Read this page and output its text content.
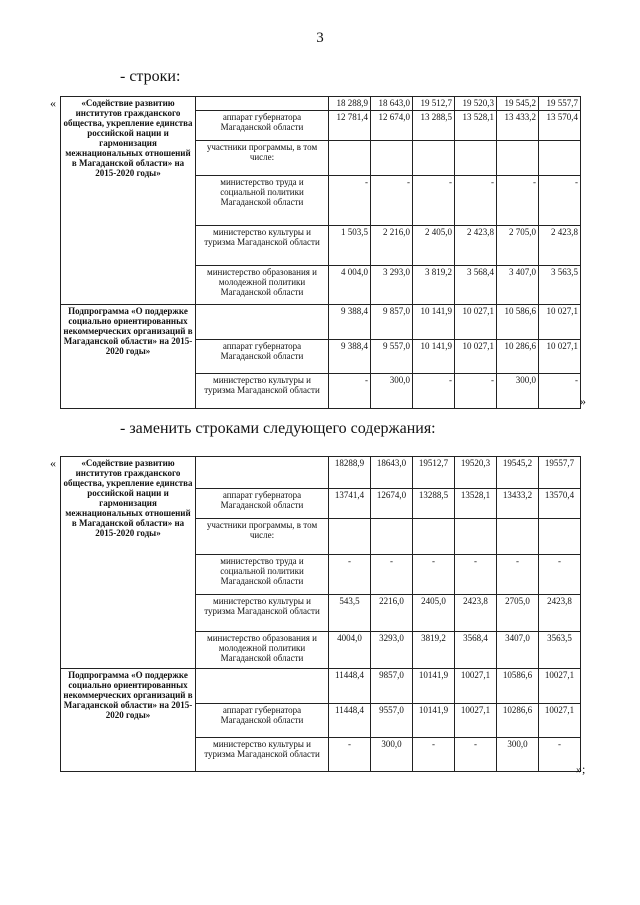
3
- строки:
«	«Содействие развитию институтов гражданского общества, укрепление единства российской нации и гармонизация межнациональных отношений в Магаданской области» на 2015-2020 годы»		18 288,9	18 643,0	19 512,7	19 520,3	19 545,2	19 557,7
	аппарат губернатора Магаданской области	12 781,4	12 674,0	13 288,5	13 528,1	13 433,2	13 570,4
	участники программы, в том числе:						
	министерство труда и социальной политики Магаданской области	-	-	-	-	-	-
	министерство культуры и туризма Магаданской области	1 503,5	2 216,0	2 405,0	2 423,8	2 705,0	2 423,8
	министерство образования и молодежной политики Магаданской области	4 004,0	3 293,0	3 819,2	3 568,4	3 407,0	3 563,5
Подпрограмма «О поддержке социально ориентированных некоммерческих организаций в Магаданской области» на 2015-2020 годы»		9 388,4	9 857,0	10 141,9	10 027,1	10 586,6	10 027,1
	аппарат губернатора Магаданской области	9 388,4	9 557,0	10 141,9	10 027,1	10 286,6	10 027,1
	министерство культуры и туризма Магаданской области	-	300,0	-	-	300,0	-
»
- заменить строками следующего содержания:
«	«Содействие развитию институтов гражданского общества, укрепление единства российской нации и гармонизация межнациональных отношений в Магаданской области» на 2015-2020 годы»		18288,9	18643,0	19512,7	19520,3	19545,2	19557,7
	аппарат губернатора Магаданской области	13741,4	12674,0	13288,5	13528,1	13433,2	13570,4
	участники программы, в том числе:						
	министерство труда и социальной политики Магаданской области	-	-	-	-	-	-
	министерство культуры и туризма Магаданской области	543,5	2216,0	2405,0	2423,8	2705,0	2423,8
	министерство образования и молодежной политики Магаданской области	4004,0	3293,0	3819,2	3568,4	3407,0	3563,5
Подпрограмма «О поддержке социально ориентированных некоммерческих организаций в Магаданской области» на 2015-2020 годы»		11448,4	9857,0	10141,9	10027,1	10586,6	10027,1
	аппарат губернатора Магаданской области	11448,4	9557,0	10141,9	10027,1	10286,6	10027,1
	министерство культуры и туризма Магаданской области	-	300,0	-	-	300,0	-
»;
